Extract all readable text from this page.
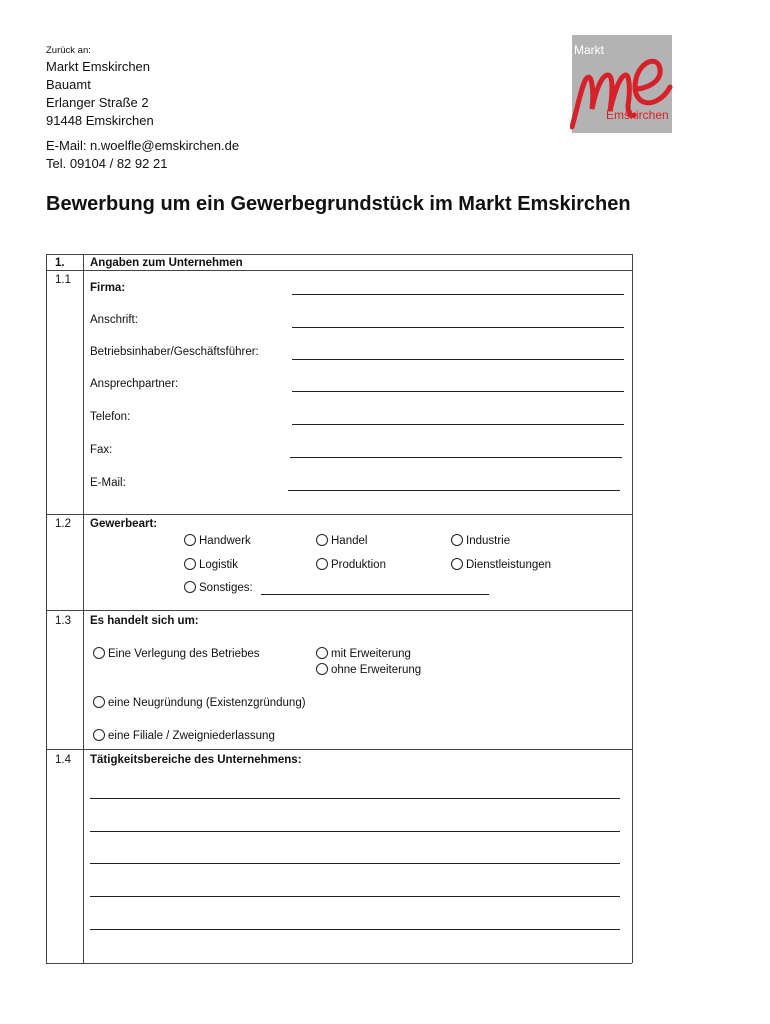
Zurück an:
Markt Emskirchen
Bauamt
Erlanger Straße 2
91448 Emskirchen
E-Mail: n.woelfle@emskirchen.de
Tel. 09104 / 82 92 21
Markt
Emskirchen
Bewerbung um ein Gewerbegrundstück im Markt Emskirchen
1. Angaben zum Unternehmen
1.1
Firma:
Anschrift:
Betriebsinhaber/Geschäftsführer:
Ansprechpartner:
Telefon:
Fax:
E-Mail:
1.2 Gewerbeart:
Handwerk	Handel	Industrie
Logistik	Produktion	Dienstleistungen
Sonstiges:
1.3 Es handelt sich um:
Eine Verlegung des Betriebes	mit Erweiterung
ohne Erweiterung
eine Neugründung (Existenzgründung)
eine Filiale / Zweigniederlassung
1.4 Tätigkeitsbereiche des Unternehmens:
